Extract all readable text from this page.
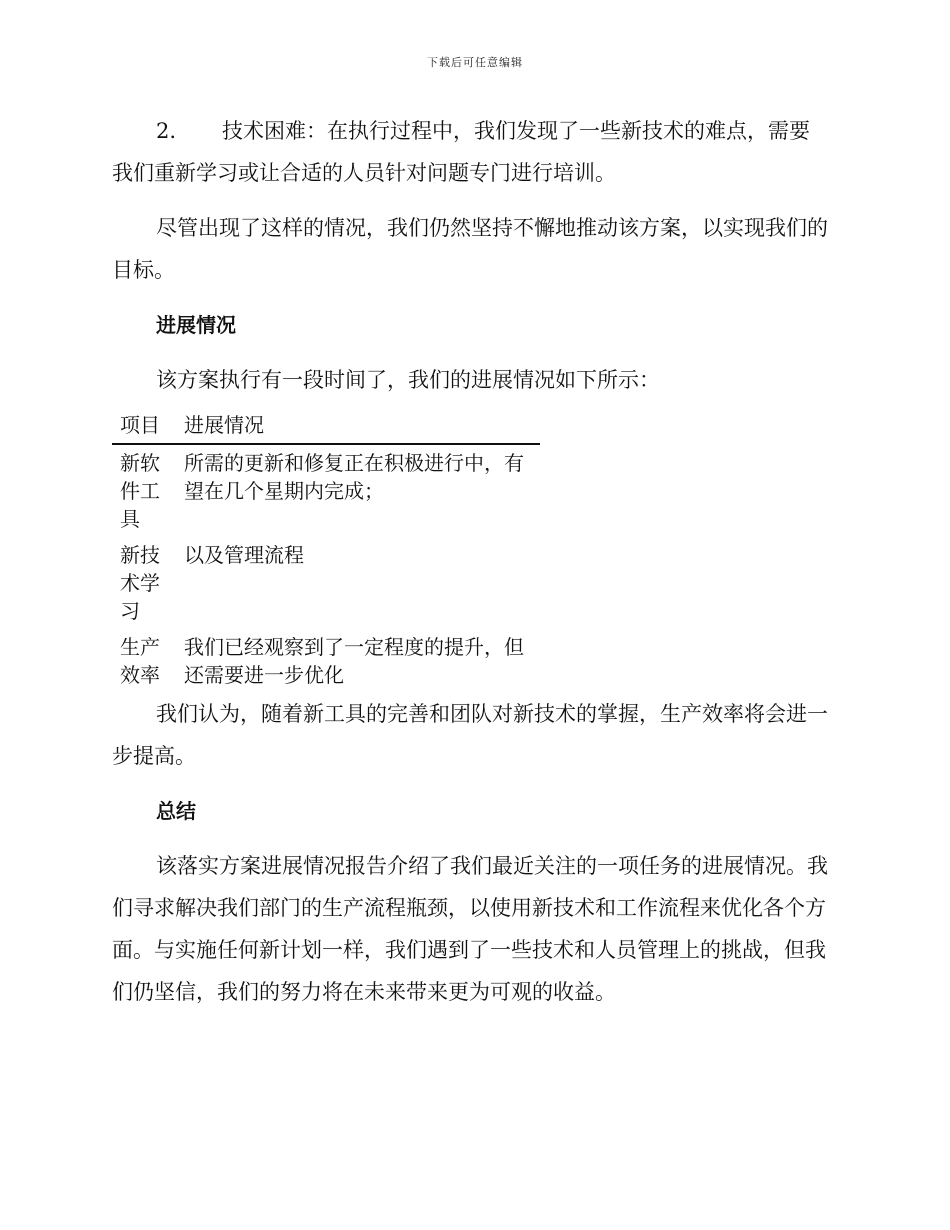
下载后可任意编辑

2. 技术困难：在执行过程中，我们发现了一些新技术的难点，需要

我们重新学习或让合适的人员针对问题专门进行培训。

尽管出现了这样的情况，我们仍然坚持不懈地推动该方案，以实现我们的目标。

进展情况

该方案执行有一段时间了，我们的进展情况如下所示：

项目	进展情况
新软件工具	所需的更新和修复正在积极进行中，有望在几个星期内完成；
新技术学习	以及管理流程
生产效率	我们已经观察到了一定程度的提升，但还需要进一步优化

我们认为，随着新工具的完善和团队对新技术的掌握，生产效率将会进一步提高。

总结

该落实方案进展情况报告介绍了我们最近关注的一项任务的进展情况。我们寻求解决我们部门的生产流程瓶颈，以使用新技术和工作流程来优化各个方面。与实施任何新计划一样，我们遇到了一些技术和人员管理上的挑战，但我们仍坚信，我们的努力将在未来带来更为可观的收益。
